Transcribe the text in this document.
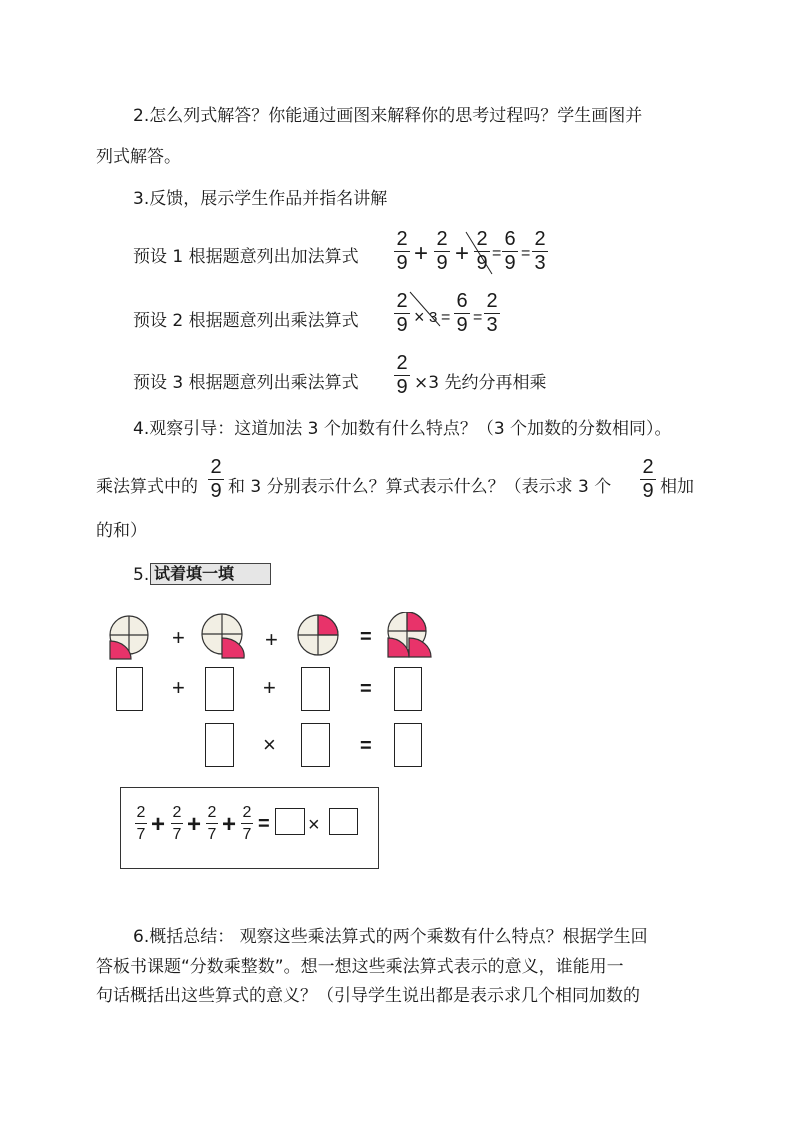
2.怎么列式解答？你能通过画图来解释你的思考过程吗？学生画图并
列式解答。
3.反馈，展示学生作品并指名讲解
预设 1 根据题意列出加法算式
2
9 +
2
9 +
2
9 =
6
9 =
2
3
预设 2 根据题意列出乘法算式
2
9 × 3 =
6
9 =
2
3
预设 3 根据题意列出乘法算式
2
9 ×3 先约分再相乘
4.观察引导：这道加法 3 个加数有什么特点？（3 个加数的分数相同）。
乘法算式中的
2
9 和 3 分别表示什么？算式表示什么？（表示求 3 个
2
9 相加
的和）
5. 试着填一填
+	+	=
+	+	=
×	=
2
7 + 2
7 + 2
7 + 2
7 = ×
6.概括总结： 观察这些乘法算式的两个乘数有什么特点？根据学生回
答板书课题“分数乘整数”。想一想这些乘法算式表示的意义，谁能用一
句话概括出这些算式的意义？（引导学生说出都是表示求几个相同加数的
